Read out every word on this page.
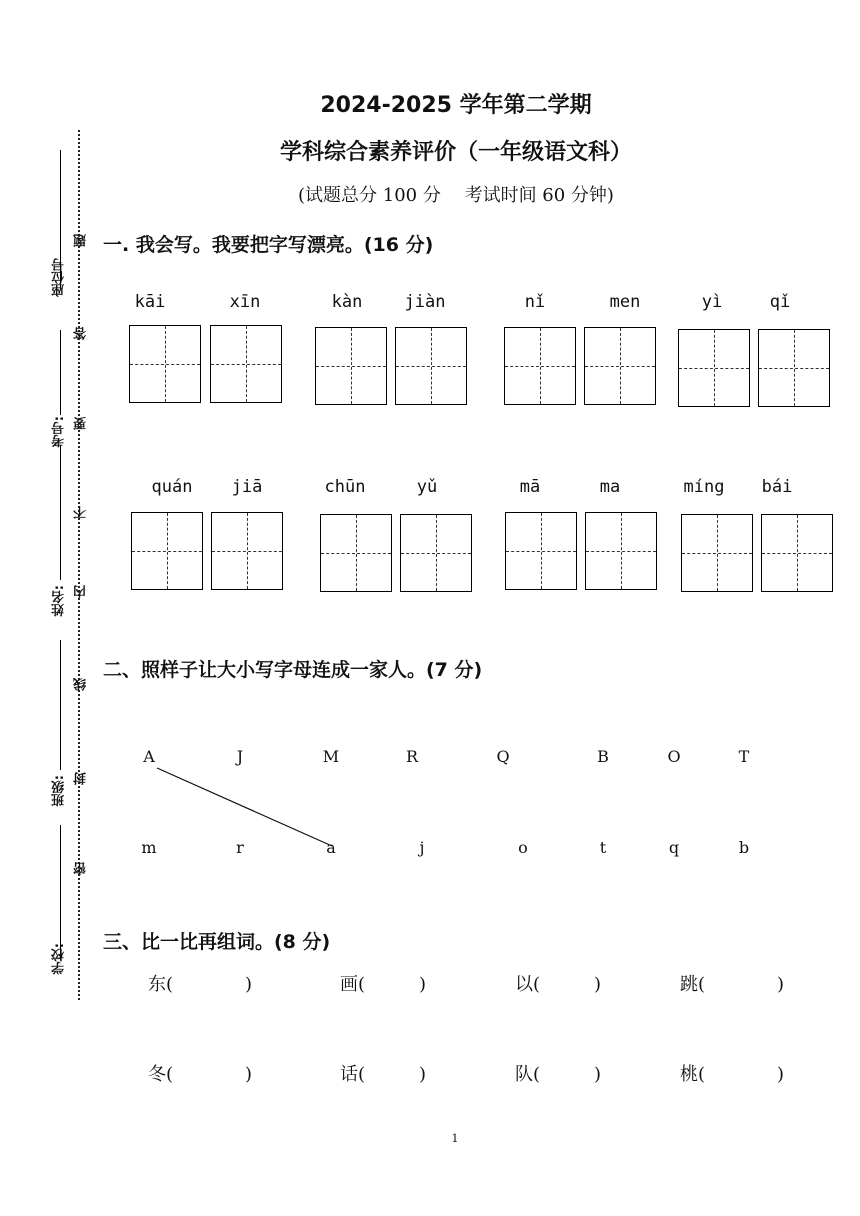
座位号
考号:
姓名:
班级:
学校:
题
答
要
不
内
线
封
密
2024-2025 学年第二学期
学科综合素养评价（一年级语文科）
(试题总分 100 分　 考试时间 60 分钟)
一. 我会写。我要把字写漂亮。(16 分)
kāi	xīn	kàn	jiàn	nǐ	men	yì	qǐ
quán	jiā	chūn	yǔ	mā	ma	míng	bái
二、照样子让大小写字母连成一家人。(7 分)
A	J	M	R	Q	B	O	T
m	r	a	j	o	t	q	b
三、比一比再组词。(8 分)
东(　　　　)	画(　　　)	以(　　　)	跳(　　　　)
冬(　　　　)	话(　　　)	队(　　　)	桃(　　　　)
1
